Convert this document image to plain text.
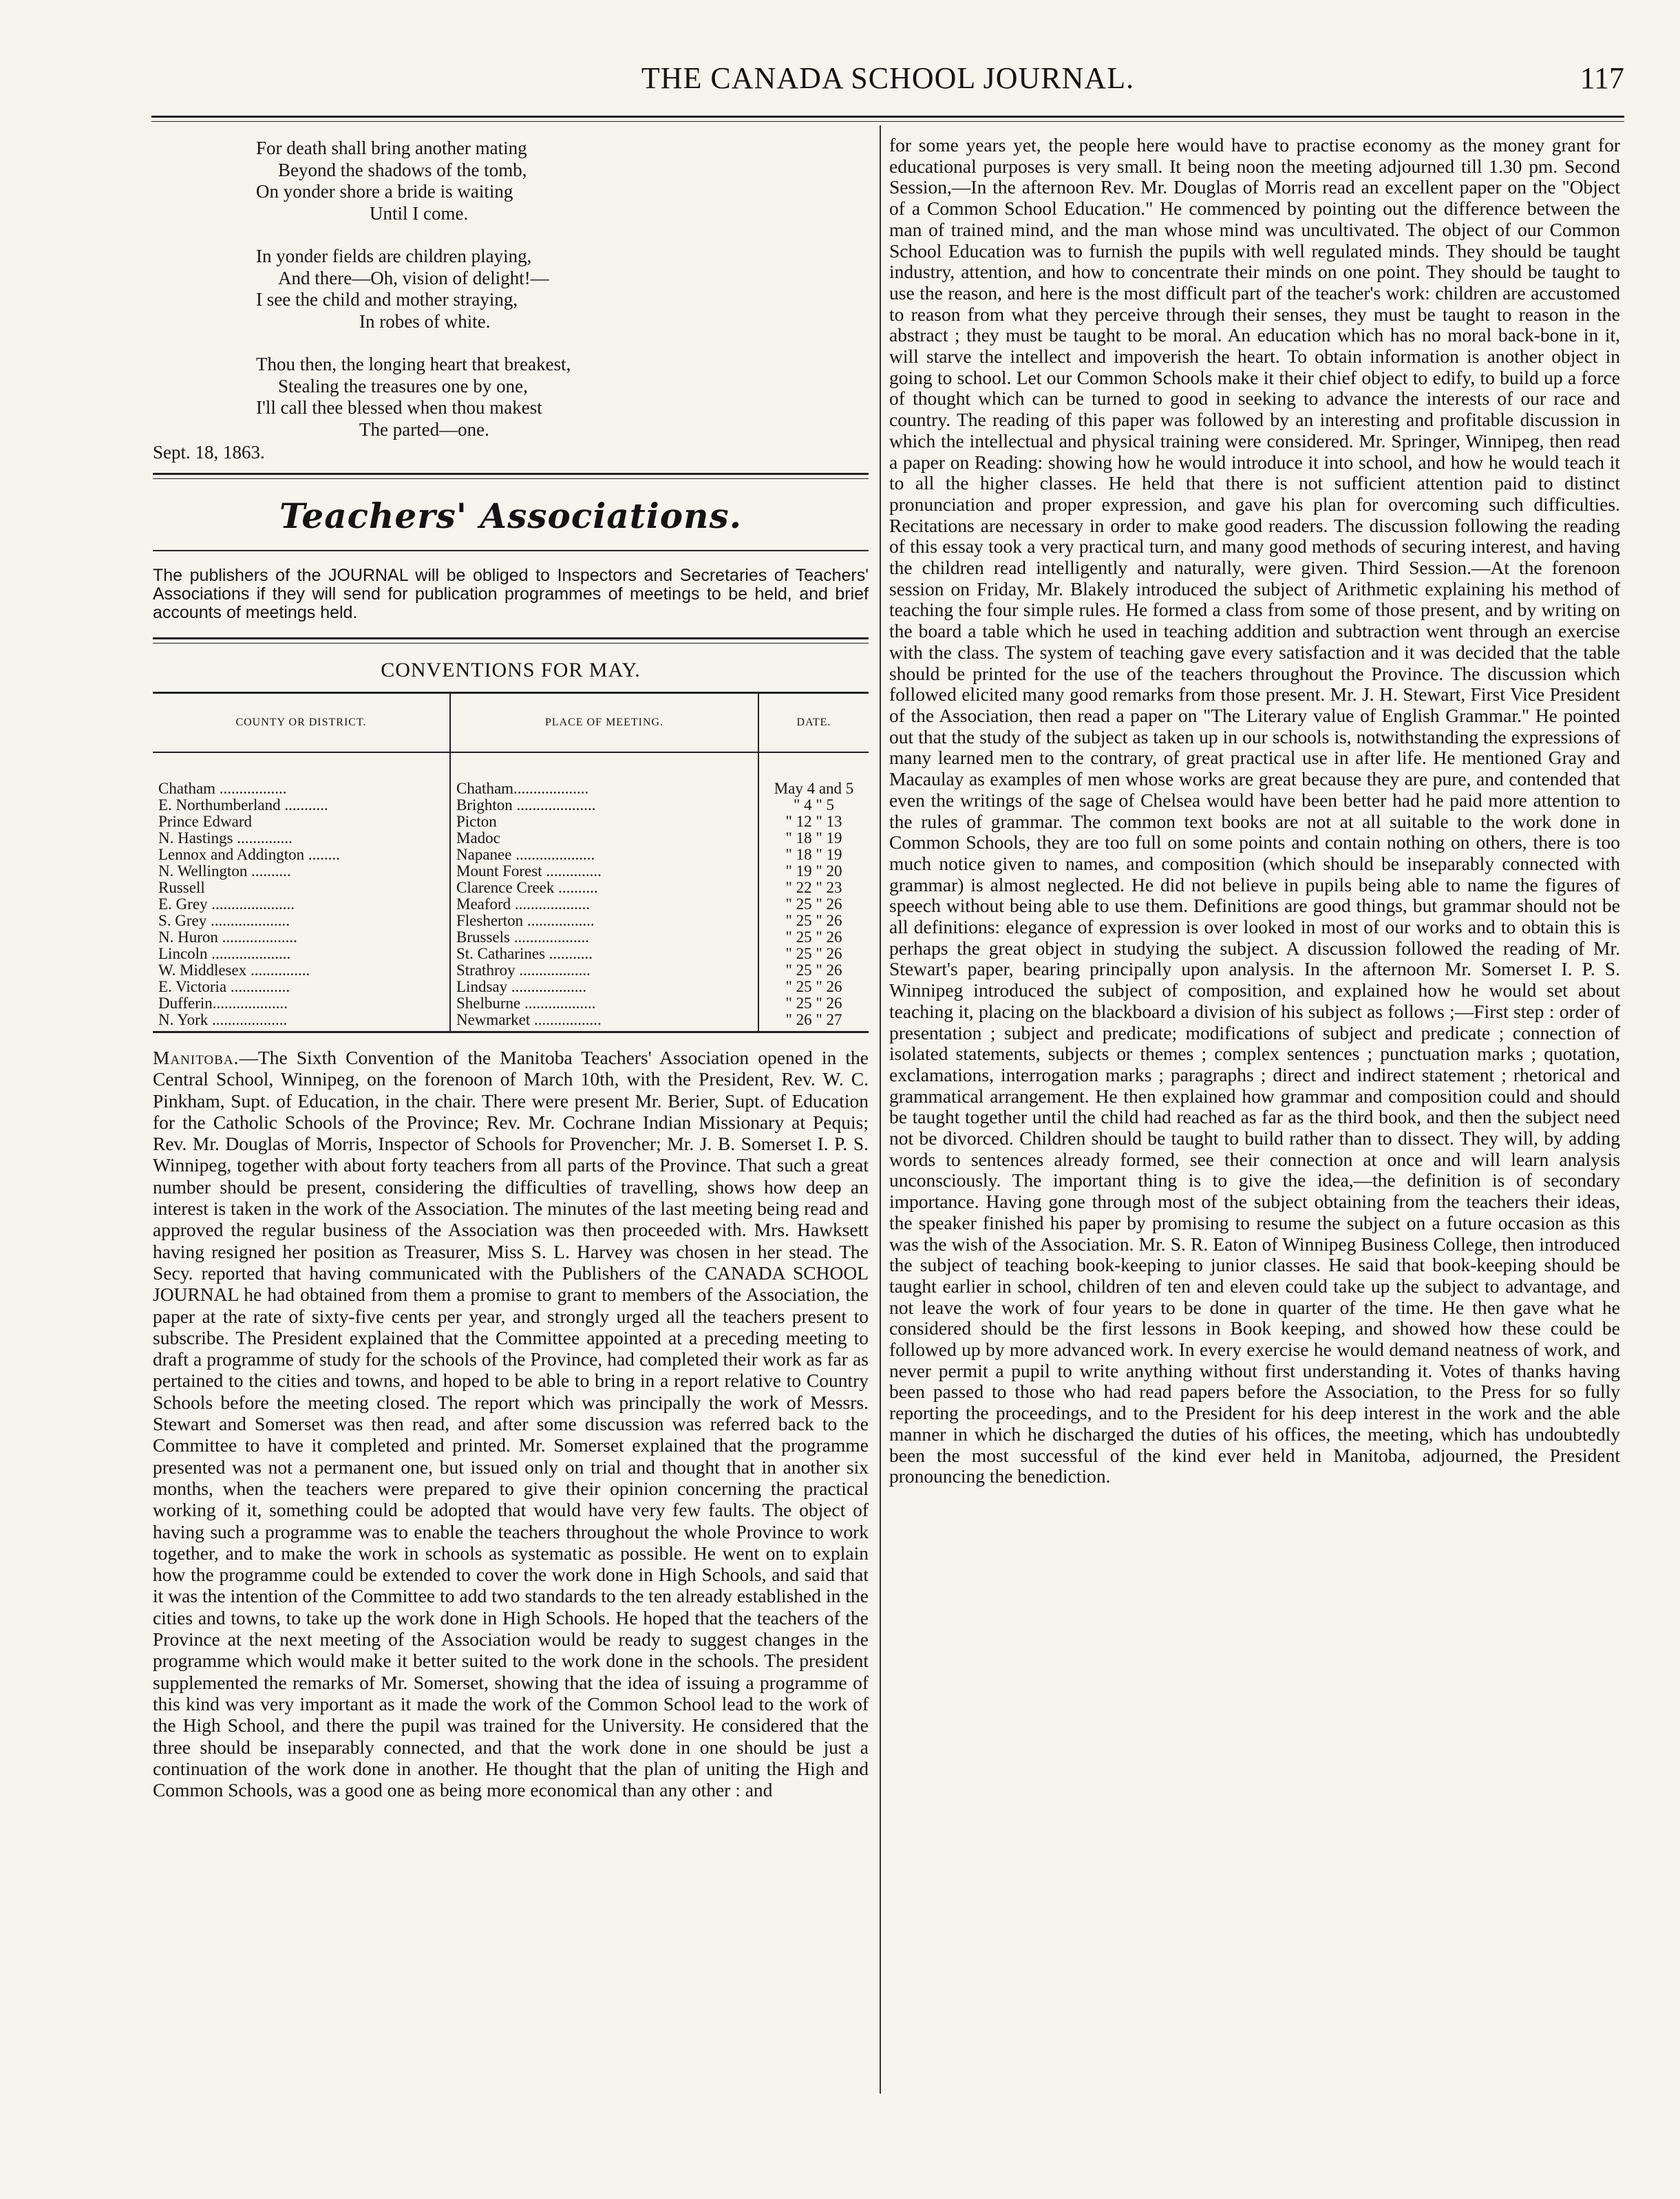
THE CANADA SCHOOL JOURNAL.	117
For death shall bring another mating
Beyond the shadows of the tomb,
On yonder shore a bride is waiting
Until I come.
In yonder fields are children playing,
And there—Oh, vision of delight!—
I see the child and mother straying,
In robes of white.
Thou then, the longing heart that breakest,
Stealing the treasures one by one,
I'll call thee blessed when thou makest
The parted—one.
Sept. 18, 1863.
Teachers' Associations.
The publishers of the JOURNAL will be obliged to Inspectors and Secretaries of Teachers' Associations if they will send for publication programmes of meetings to be held, and brief accounts of meetings held.
CONVENTIONS FOR MAY.
COUNTY OR DISTRICT.	PLACE OF MEETING.	DATE.
Chatham .................	Chatham...................	May 4 and 5
E. Northumberland ...........	Brighton ....................	" 4 " 5
Prince Edward	Picton	" 12 " 13
N. Hastings ..............	Madoc	" 18 " 19
Lennox and Addington ........	Napanee ....................	" 18 " 19
N. Wellington ..........	Mount Forest ..............	" 19 " 20
Russell	Clarence Creek ..........	" 22 " 23
E. Grey .....................	Meaford ...................	" 25 " 26
S. Grey ....................	Flesherton .................	" 25 " 26
N. Huron ...................	Brussels ...................	" 25 " 26
Lincoln ....................	St. Catharines ...........	" 25 " 26
W. Middlesex ...............	Strathroy ..................	" 25 " 26
E. Victoria ...............	Lindsay ...................	" 25 " 26
Dufferin...................	Shelburne ..................	" 25 " 26
N. York ...................	Newmarket .................	" 26 " 27
Manitoba.—The Sixth Convention of the Manitoba Teachers' Association opened in the Central School, Winnipeg, on the forenoon of March 10th, with the President, Rev. W. C. Pinkham, Supt. of Education, in the chair. There were present Mr. Berier, Supt. of Education for the Catholic Schools of the Province; Rev. Mr. Cochrane Indian Missionary at Pequis; Rev. Mr. Douglas of Morris, Inspector of Schools for Provencher; Mr. J. B. Somerset I. P. S. Winnipeg, together with about forty teachers from all parts of the Province. That such a great number should be present, considering the difficulties of travelling, shows how deep an interest is taken in the work of the Association. The minutes of the last meeting being read and approved the regular business of the Association was then proceeded with. Mrs. Hawksett having resigned her position as Treasurer, Miss S. L. Harvey was chosen in her stead. The Secy. reported that having communicated with the Publishers of the CANADA SCHOOL JOURNAL he had obtained from them a promise to grant to members of the Association, the paper at the rate of sixty-five cents per year, and strongly urged all the teachers present to subscribe. The President explained that the Committee appointed at a preceding meeting to draft a programme of study for the schools of the Province, had completed their work as far as pertained to the cities and towns, and hoped to be able to bring in a report relative to Country Schools before the meeting closed. The report which was principally the work of Messrs. Stewart and Somerset was then read, and after some discussion was referred back to the Committee to have it completed and printed. Mr. Somerset explained that the programme presented was not a permanent one, but issued only on trial and thought that in another six months, when the teachers were prepared to give their opinion concerning the practical working of it, something could be adopted that would have very few faults. The object of having such a programme was to enable the teachers throughout the whole Province to work together, and to make the work in schools as systematic as possible. He went on to explain how the programme could be extended to cover the work done in High Schools, and said that it was the intention of the Committee to add two standards to the ten already established in the cities and towns, to take up the work done in High Schools. He hoped that the teachers of the Province at the next meeting of the Association would be ready to suggest changes in the programme which would make it better suited to the work done in the schools. The president supplemented the remarks of Mr. Somerset, showing that the idea of issuing a programme of this kind was very important as it made the work of the Common School lead to the work of the High School, and there the pupil was trained for the University. He considered that the three should be inseparably connected, and that the work done in one should be just a continuation of the work done in another. He thought that the plan of uniting the High and Common Schools, was a good one as being more economical than any other : and
for some years yet, the people here would have to practise economy as the money grant for educational purposes is very small. It being noon the meeting adjourned till 1.30 pm. Second Session,—In the afternoon Rev. Mr. Douglas of Morris read an excellent paper on the "Object of a Common School Education." He commenced by pointing out the difference between the man of trained mind, and the man whose mind was uncultivated. The object of our Common School Education was to furnish the pupils with well regulated minds. They should be taught industry, attention, and how to concentrate their minds on one point. They should be taught to use the reason, and here is the most difficult part of the teacher's work: children are accustomed to reason from what they perceive through their senses, they must be taught to reason in the abstract ; they must be taught to be moral. An education which has no moral back-bone in it, will starve the intellect and impoverish the heart. To obtain information is another object in going to school. Let our Common Schools make it their chief object to edify, to build up a force of thought which can be turned to good in seeking to advance the interests of our race and country. The reading of this paper was followed by an interesting and profitable discussion in which the intellectual and physical training were considered. Mr. Springer, Winnipeg, then read a paper on Reading: showing how he would introduce it into school, and how he would teach it to all the higher classes. He held that there is not sufficient attention paid to distinct pronunciation and proper expression, and gave his plan for overcoming such difficulties. Recitations are necessary in order to make good readers. The discussion following the reading of this essay took a very practical turn, and many good methods of securing interest, and having the children read intelligently and naturally, were given. Third Session.—At the forenoon session on Friday, Mr. Blakely introduced the subject of Arithmetic explaining his method of teaching the four simple rules. He formed a class from some of those present, and by writing on the board a table which he used in teaching addition and subtraction went through an exercise with the class. The system of teaching gave every satisfaction and it was decided that the table should be printed for the use of the teachers throughout the Province. The discussion which followed elicited many good remarks from those present. Mr. J. H. Stewart, First Vice President of the Association, then read a paper on "The Literary value of English Grammar." He pointed out that the study of the subject as taken up in our schools is, notwithstanding the expressions of many learned men to the contrary, of great practical use in after life. He mentioned Gray and Macaulay as examples of men whose works are great because they are pure, and contended that even the writings of the sage of Chelsea would have been better had he paid more attention to the rules of grammar. The common text books are not at all suitable to the work done in Common Schools, they are too full on some points and contain nothing on others, there is too much notice given to names, and composition (which should be inseparably connected with grammar) is almost neglected. He did not believe in pupils being able to name the figures of speech without being able to use them. Definitions are good things, but grammar should not be all definitions: elegance of expression is over looked in most of our works and to obtain this is perhaps the great object in studying the subject. A discussion followed the reading of Mr. Stewart's paper, bearing principally upon analysis. In the afternoon Mr. Somerset I. P. S. Winnipeg introduced the subject of composition, and explained how he would set about teaching it, placing on the blackboard a division of his subject as follows ;—First step : order of presentation ; subject and predicate; modifications of subject and predicate ; connection of isolated statements, subjects or themes ; complex sentences ; punctuation marks ; quotation, exclamations, interrogation marks ; paragraphs ; direct and indirect statement ; rhetorical and grammatical arrangement. He then explained how grammar and composition could and should be taught together until the child had reached as far as the third book, and then the subject need not be divorced. Children should be taught to build rather than to dissect. They will, by adding words to sentences already formed, see their connection at once and will learn analysis unconsciously. The important thing is to give the idea,—the definition is of secondary importance. Having gone through most of the subject obtaining from the teachers their ideas, the speaker finished his paper by promising to resume the subject on a future occasion as this was the wish of the Association. Mr. S. R. Eaton of Winnipeg Business College, then introduced the subject of teaching book-keeping to junior classes. He said that book-keeping should be taught earlier in school, children of ten and eleven could take up the subject to advantage, and not leave the work of four years to be done in quarter of the time. He then gave what he considered should be the first lessons in Book keeping, and showed how these could be followed up by more advanced work. In every exercise he would demand neatness of work, and never permit a pupil to write anything without first understanding it. Votes of thanks having been passed to those who had read papers before the Association, to the Press for so fully reporting the proceedings, and to the President for his deep interest in the work and the able manner in which he discharged the duties of his offices, the meeting, which has undoubtedly been the most successful of the kind ever held in Manitoba, adjourned, the President pronouncing the benediction.
